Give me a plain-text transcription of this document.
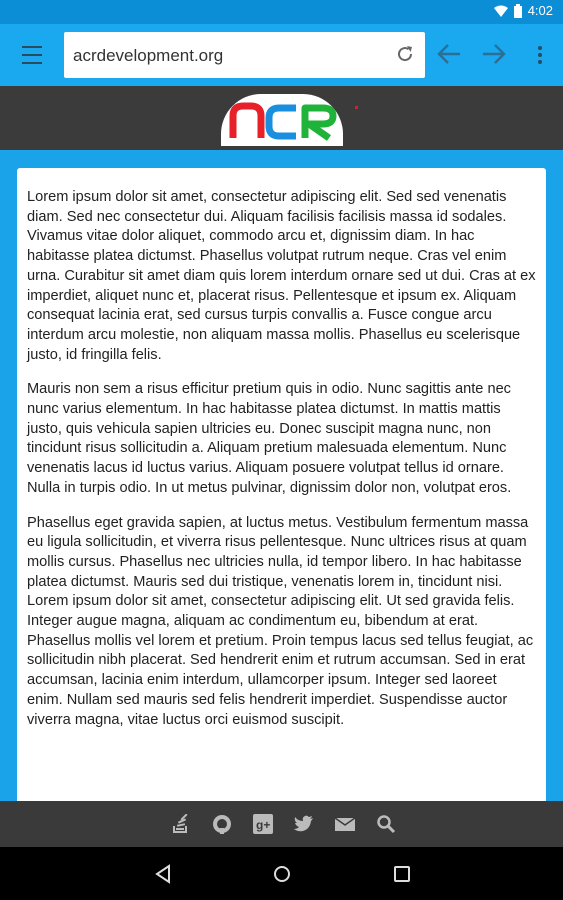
4:02
acrdevelopment.org

Lorem ipsum dolor sit amet, consectetur adipiscing elit. Sed sed venenatis diam. Sed nec consectetur dui. Aliquam facilisis facilisis massa id sodales. Vivamus vitae dolor aliquet, commodo arcu et, dignissim diam. In hac habitasse platea dictumst. Phasellus volutpat rutrum neque. Cras vel enim urna. Curabitur sit amet diam quis lorem interdum ornare sed ut dui. Cras at ex imperdiet, aliquet nunc et, placerat risus. Pellentesque et ipsum ex. Aliquam consequat lacinia erat, sed cursus turpis convallis a. Fusce congue arcu interdum arcu molestie, non aliquam massa mollis. Phasellus eu scelerisque justo, id fringilla felis.

Mauris non sem a risus efficitur pretium quis in odio. Nunc sagittis ante nec nunc varius elementum. In hac habitasse platea dictumst. In mattis mattis justo, quis vehicula sapien ultricies eu. Donec suscipit magna nunc, non tincidunt risus sollicitudin a. Aliquam pretium malesuada elementum. Nunc venenatis lacus id luctus varius. Aliquam posuere volutpat tellus id ornare. Nulla in turpis odio. In ut metus pulvinar, dignissim dolor non, volutpat eros.

Phasellus eget gravida sapien, at luctus metus. Vestibulum fermentum massa eu ligula sollicitudin, et viverra risus pellentesque. Nunc ultrices risus at quam mollis cursus. Phasellus nec ultricies nulla, id tempor libero. In hac habitasse platea dictumst. Mauris sed dui tristique, venenatis lorem in, tincidunt nisi. Lorem ipsum dolor sit amet, consectetur adipiscing elit. Ut sed gravida felis. Integer augue magna, aliquam ac condimentum eu, bibendum at erat. Phasellus mollis vel lorem et pretium. Proin tempus lacus sed tellus feugiat, ac sollicitudin nibh placerat. Sed hendrerit enim et rutrum accumsan. Sed in erat accumsan, lacinia enim interdum, ullamcorper ipsum. Integer sed laoreet enim. Nullam sed mauris sed felis hendrerit imperdiet. Suspendisse auctor viverra magna, vitae luctus orci euismod suscipit.

g+
